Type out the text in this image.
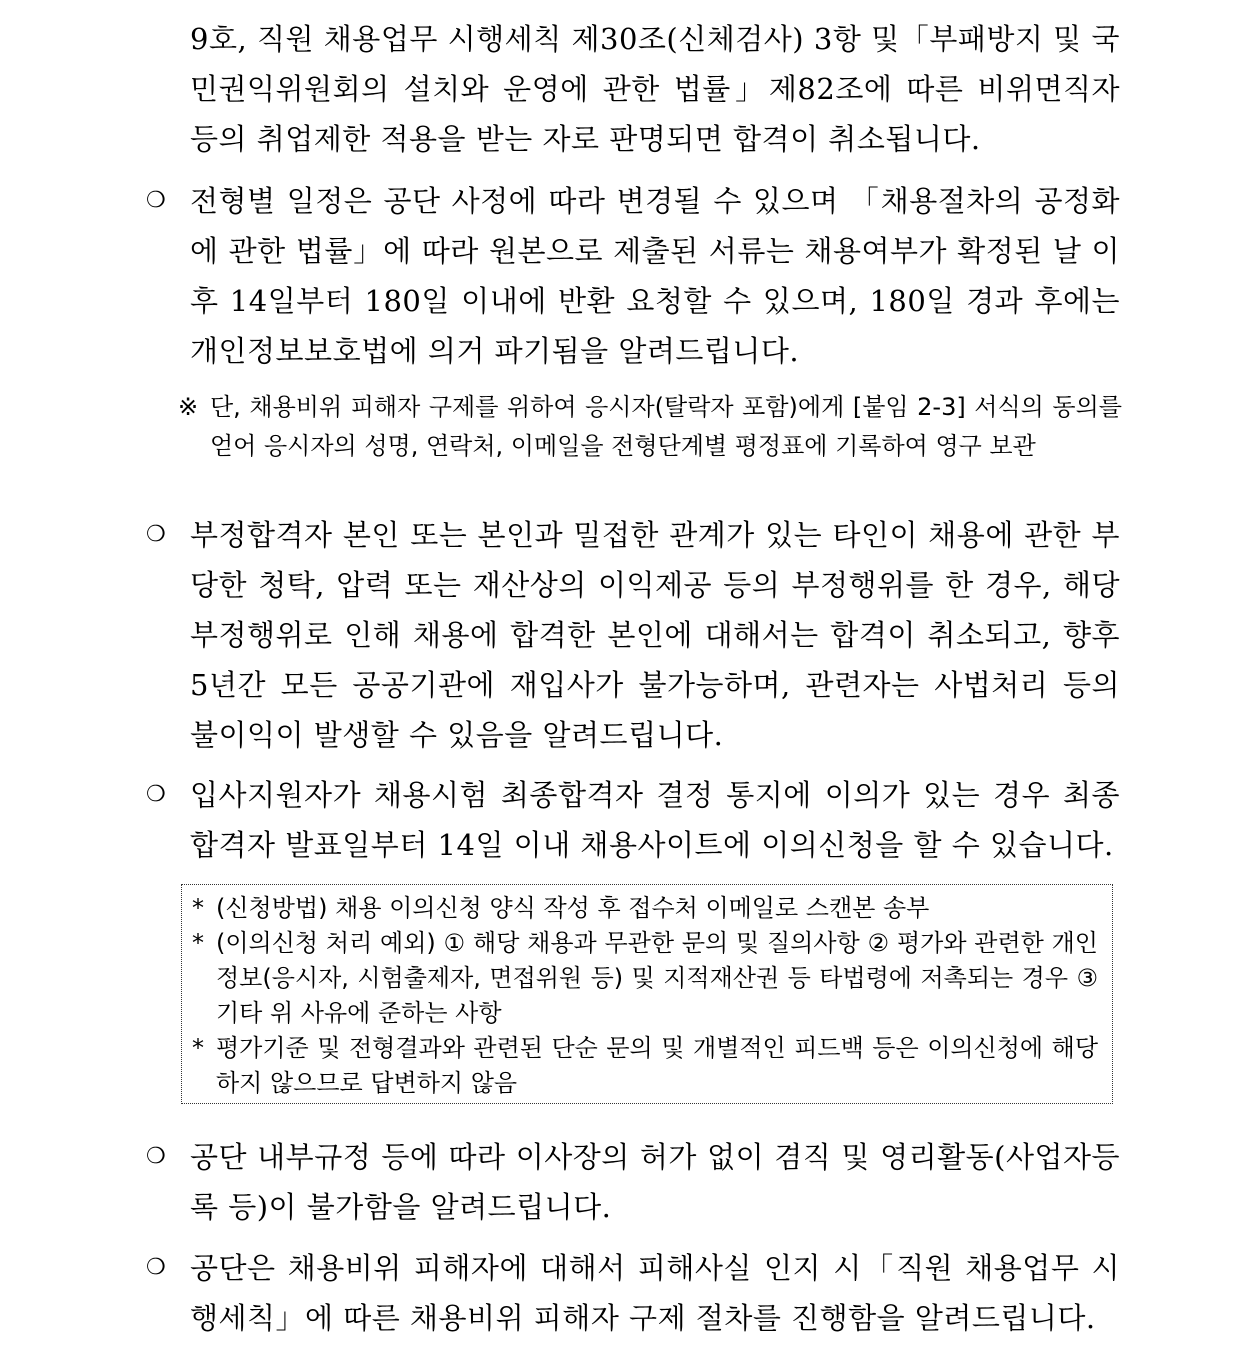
9호, 직원 채용업무 시행세칙 제30조(신체검사) 3항 및「부패방지 및 국민권익위원회의 설치와 운영에 관한 법률」제82조에 따른 비위면직자 등의 취업제한 적용을 받는 자로 판명되면 합격이 취소됩니다.
❍ 전형별 일정은 공단 사정에 따라 변경될 수 있으며 「채용절차의 공정화에 관한 법률」에 따라 원본으로 제출된 서류는 채용여부가 확정된 날 이후 14일부터 180일 이내에 반환 요청할 수 있으며, 180일 경과 후에는 개인정보보호법에 의거 파기됨을 알려드립니다.
※ 단, 채용비위 피해자 구제를 위하여 응시자(탈락자 포함)에게 [붙임 2-3] 서식의 동의를 얻어 응시자의 성명, 연락처, 이메일을 전형단계별 평정표에 기록하여 영구 보관
❍ 부정합격자 본인 또는 본인과 밀접한 관계가 있는 타인이 채용에 관한 부당한 청탁, 압력 또는 재산상의 이익제공 등의 부정행위를 한 경우, 해당 부정행위로 인해 채용에 합격한 본인에 대해서는 합격이 취소되고, 향후 5년간 모든 공공기관에 재입사가 불가능하며, 관련자는 사법처리 등의 불이익이 발생할 수 있음을 알려드립니다.
❍ 입사지원자가 채용시험 최종합격자 결정 통지에 이의가 있는 경우 최종합격자 발표일부터 14일 이내 채용사이트에 이의신청을 할 수 있습니다.
* (신청방법) 채용 이의신청 양식 작성 후 접수처 이메일로 스캔본 송부
* (이의신청 처리 예외) ① 해당 채용과 무관한 문의 및 질의사항 ② 평가와 관련한 개인정보(응시자, 시험출제자, 면접위원 등) 및 지적재산권 등 타법령에 저촉되는 경우 ③ 기타 위 사유에 준하는 사항
* 평가기준 및 전형결과와 관련된 단순 문의 및 개별적인 피드백 등은 이의신청에 해당하지 않으므로 답변하지 않음
❍ 공단 내부규정 등에 따라 이사장의 허가 없이 겸직 및 영리활동(사업자등록 등)이 불가함을 알려드립니다.
❍ 공단은 채용비위 피해자에 대해서 피해사실 인지 시「직원 채용업무 시행세칙」에 따른 채용비위 피해자 구제 절차를 진행함을 알려드립니다.
